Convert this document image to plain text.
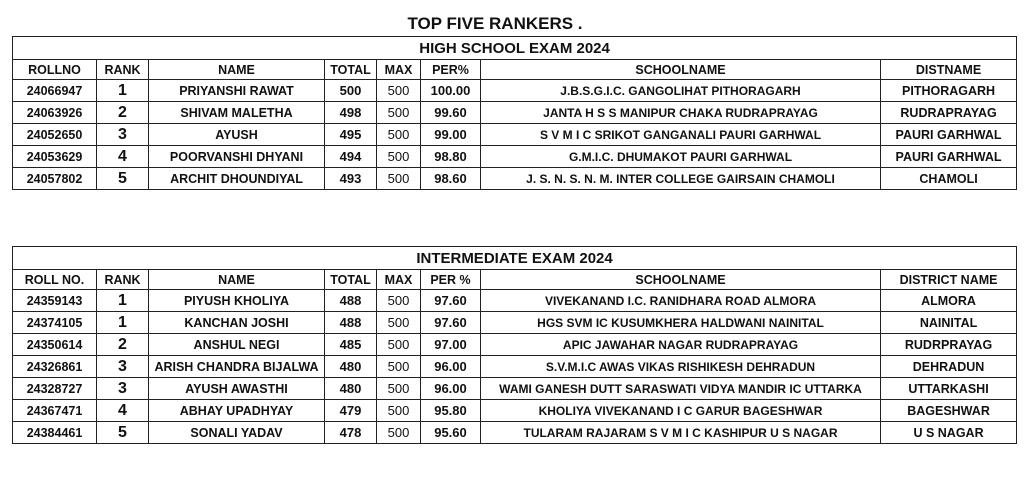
TOP FIVE RANKERS .
HIGH SCHOOL EXAM 2024							
ROLLNO	RANK	NAME	TOTAL	MAX	PER%	SCHOOLNAME	DISTNAME
24066947	1	PRIYANSHI RAWAT	500	500	100.00	J.B.S.G.I.C. GANGOLIHAT PITHORAGARH	PITHORAGARH
24063926	2	SHIVAM MALETHA	498	500	99.60	JANTA H S S MANIPUR CHAKA RUDRAPRAYAG	RUDRAPRAYAG
24052650	3	AYUSH	495	500	99.00	S V M I C SRIKOT GANGANALI PAURI GARHWAL	PAURI GARHWAL
24053629	4	POORVANSHI DHYANI	494	500	98.80	G.M.I.C. DHUMAKOT PAURI GARHWAL	PAURI GARHWAL
24057802	5	ARCHIT DHOUNDIYAL	493	500	98.60	J. S. N. S. N. M. INTER COLLEGE GAIRSAIN CHAMOLI	CHAMOLI
INTERMEDIATE EXAM 2024							
ROLL NO.	RANK	NAME	TOTAL	MAX	PER %	SCHOOLNAME	DISTRICT NAME
24359143	1	PIYUSH KHOLIYA	488	500	97.60	VIVEKANAND I.C. RANIDHARA ROAD ALMORA	ALMORA
24374105	1	KANCHAN JOSHI	488	500	97.60	HGS SVM IC KUSUMKHERA HALDWANI NAINITAL	NAINITAL
24350614	2	ANSHUL NEGI	485	500	97.00	APIC JAWAHAR NAGAR RUDRAPRAYAG	RUDRPRAYAG
24326861	3	ARISH CHANDRA BIJALWA	480	500	96.00	S.V.M.I.C AWAS VIKAS RISHIKESH DEHRADUN	DEHRADUN
24328727	3	AYUSH AWASTHI	480	500	96.00	WAMI GANESH DUTT SARASWATI VIDYA MANDIR IC UTTARKA	UTTARKASHI
24367471	4	ABHAY UPADHYAY	479	500	95.80	KHOLIYA VIVEKANAND I C GARUR BAGESHWAR	BAGESHWAR
24384461	5	SONALI YADAV	478	500	95.60	TULARAM RAJARAM S V M I C KASHIPUR U S NAGAR	U S NAGAR
